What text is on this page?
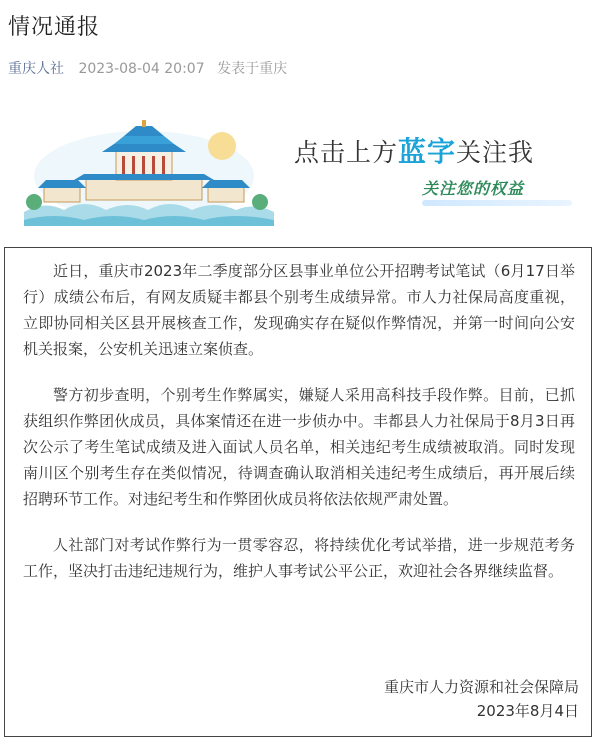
情况通报
重庆人社 2023-08-04 20:07 发表于重庆
点击上方蓝字关注我
关注您的权益

近日，重庆市2023年二季度部分区县事业单位公开招聘考试笔试（6月17日举行）成绩公布后，有网友质疑丰都县个别考生成绩异常。市人力社保局高度重视，立即协同相关区县开展核查工作，发现确实存在疑似作弊情况，并第一时间向公安机关报案，公安机关迅速立案侦查。

警方初步查明，个别考生作弊属实，嫌疑人采用高科技手段作弊。目前，已抓获组织作弊团伙成员，具体案情还在进一步侦办中。丰都县人力社保局于8月3日再次公示了考生笔试成绩及进入面试人员名单，相关违纪考生成绩被取消。同时发现南川区个别考生存在类似情况，待调查确认取消相关违纪考生成绩后，再开展后续招聘环节工作。对违纪考生和作弊团伙成员将依法依规严肃处置。

人社部门对考试作弊行为一贯零容忍，将持续优化考试举措，进一步规范考务工作，坚决打击违纪违规行为，维护人事考试公平公正，欢迎社会各界继续监督。

重庆市人力资源和社会保障局
2023年8月4日
